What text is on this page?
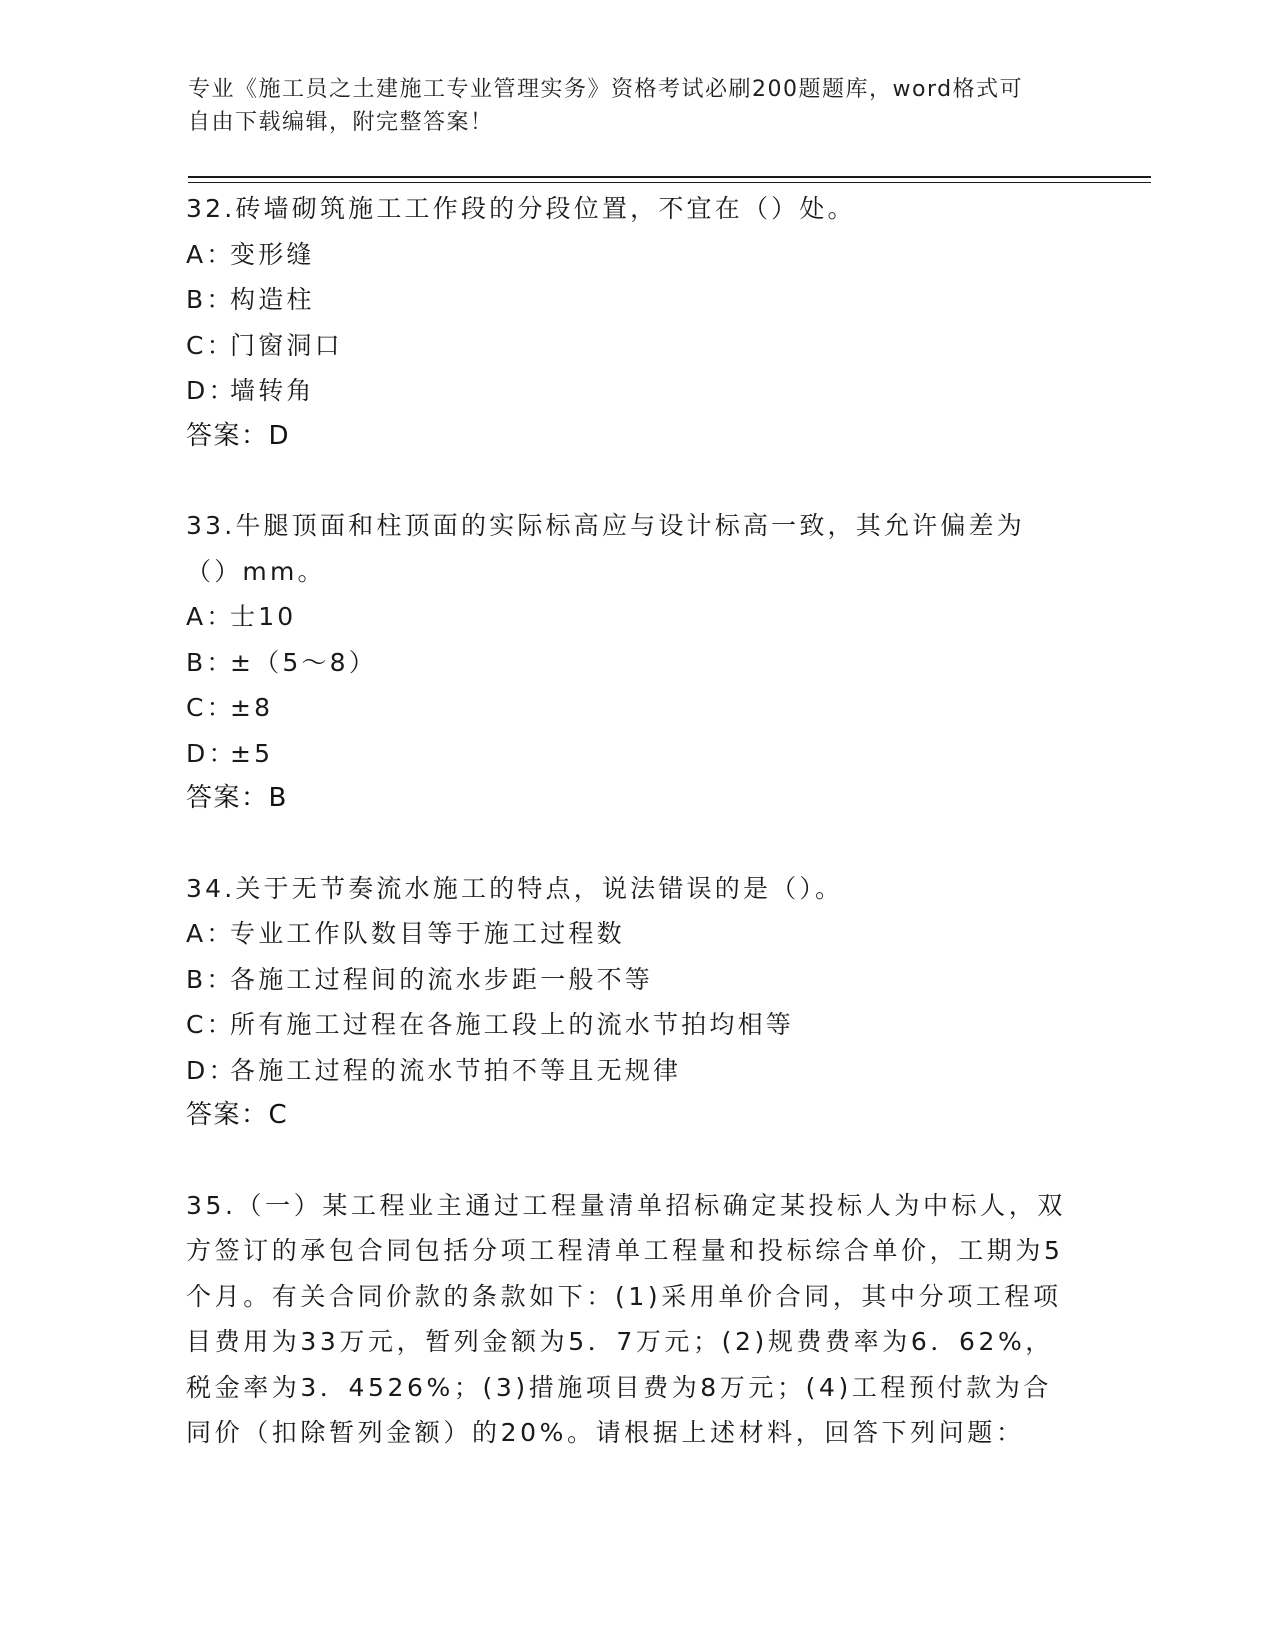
专业《施工员之土建施工专业管理实务》资格考试必刷200题题库，word格式可
自由下载编辑，附完整答案！

32.砖墙砌筑施工工作段的分段位置，不宜在（）处。

A：变形缝

B：构造柱

C：门窗洞口

D：墙转角

答案：D

33.牛腿顶面和柱顶面的实际标高应与设计标高一致，其允许偏差为（）mm。

A：士10

B：±（5～8）

C：±8

D：±5

答案：B

34.关于无节奏流水施工的特点，说法错误的是（）。

A：专业工作队数目等于施工过程数

B：各施工过程间的流水步距一般不等

C：所有施工过程在各施工段上的流水节拍均相等

D：各施工过程的流水节拍不等且无规律

答案：C

35.（一）某工程业主通过工程量清单招标确定某投标人为中标人，双方签订的承包合同包括分项工程清单工程量和投标综合单价，工期为5个月。有关合同价款的条款如下：(1)采用单价合同，其中分项工程项目费用为33万元，暂列金额为5．7万元；(2)规费费率为6．62%，税金率为3．4526%；(3)措施项目费为8万元；(4)工程预付款为合同价（扣除暂列金额）的20%。请根据上述材料，回答下列问题：
